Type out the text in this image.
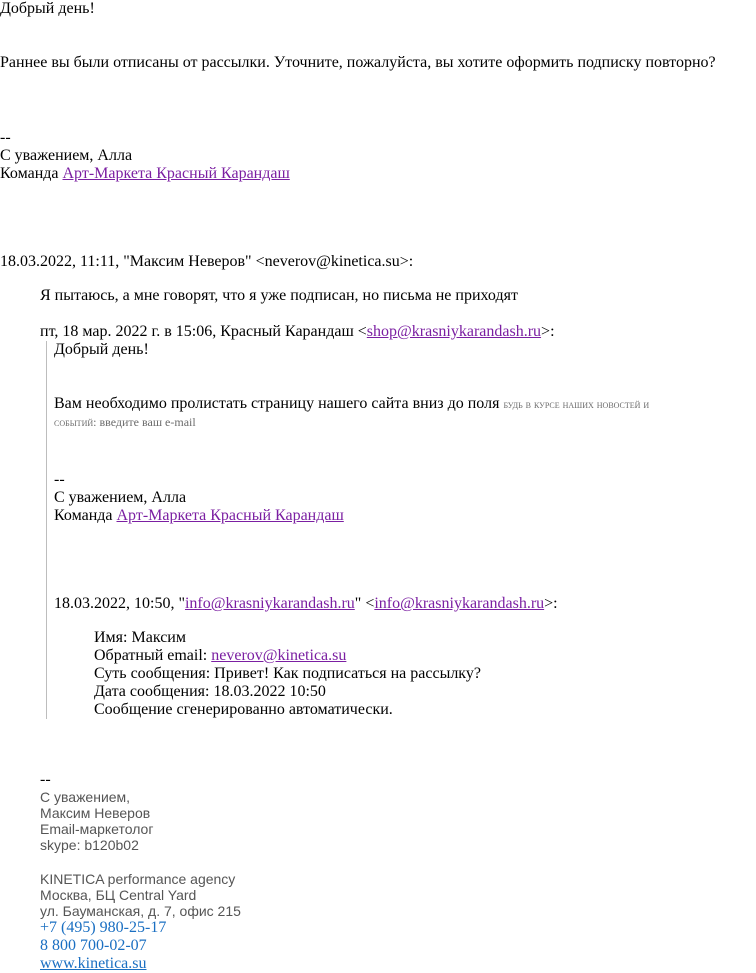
Добрый день!
Раннее вы были отписаны от рассылки. Уточните, пожалуйста, вы хотите оформить подписку повторно?
--
С уважением, Алла
Команда Арт-Маркета Красный Карандаш
18.03.2022, 11:11, "Максим Неверов" <neverov@kinetica.su>:
Я пытаюсь, а мне говорят, что я уже подписан, но письма не приходят
пт, 18 мар. 2022 г. в 15:06, Красный Карандаш <shop@krasniykarandash.ru>:
Добрый день!
Вам необходимо пролистать страницу нашего сайта вниз до поля будь в курсе наших новостей и
событий: введите ваш e-mail
--
С уважением, Алла
Команда Арт-Маркета Красный Карандаш
18.03.2022, 10:50, "info@krasniykarandash.ru" <info@krasniykarandash.ru>:
Имя: Максим
Обратный email: neverov@kinetica.su
Суть сообщения: Привет! Как подписаться на рассылку?
Дата сообщения: 18.03.2022 10:50
Сообщение сгенерированно автоматически.
--
С уважением,
Максим Неверов
Email-маркетолог
skype: b120b02
KINETICA performance agency
Москва, БЦ Central Yard
ул. Бауманская, д. 7, офис 215
+7 (495) 980-25-17
8 800 700-02-07
www.kinetica.su
